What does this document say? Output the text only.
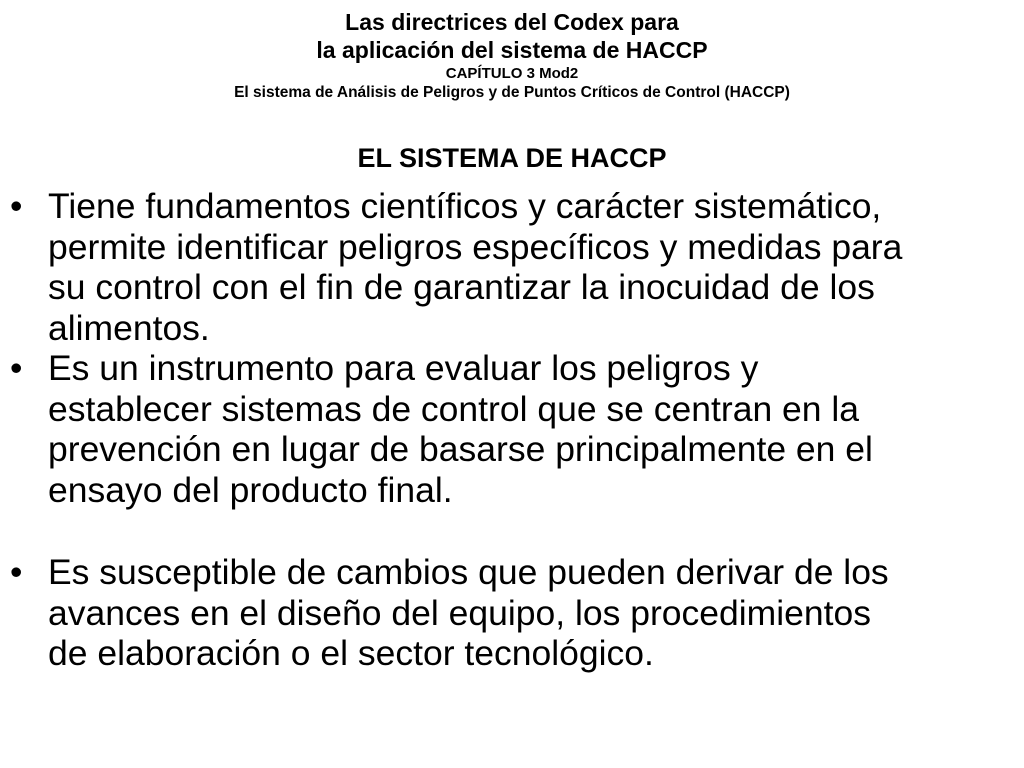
Las directrices del Codex para

la aplicación del sistema de HACCP

CAPÍTULO 3 Mod2

El sistema de Análisis de Peligros y de Puntos Críticos de Control (HACCP)

EL SISTEMA DE HACCP
• Tiene fundamentos científicos y carácter sistemático,
permite identificar peligros específicos y medidas para
su control con el fin de garantizar la inocuidad de los
alimentos.
• Es un instrumento para evaluar los peligros y
establecer sistemas de control que se centran en la
prevención en lugar de basarse principalmente en el
ensayo del producto final.
• Es susceptible de cambios que pueden derivar de los
avances en el diseño del equipo, los procedimientos
de elaboración o el sector tecnológico.
